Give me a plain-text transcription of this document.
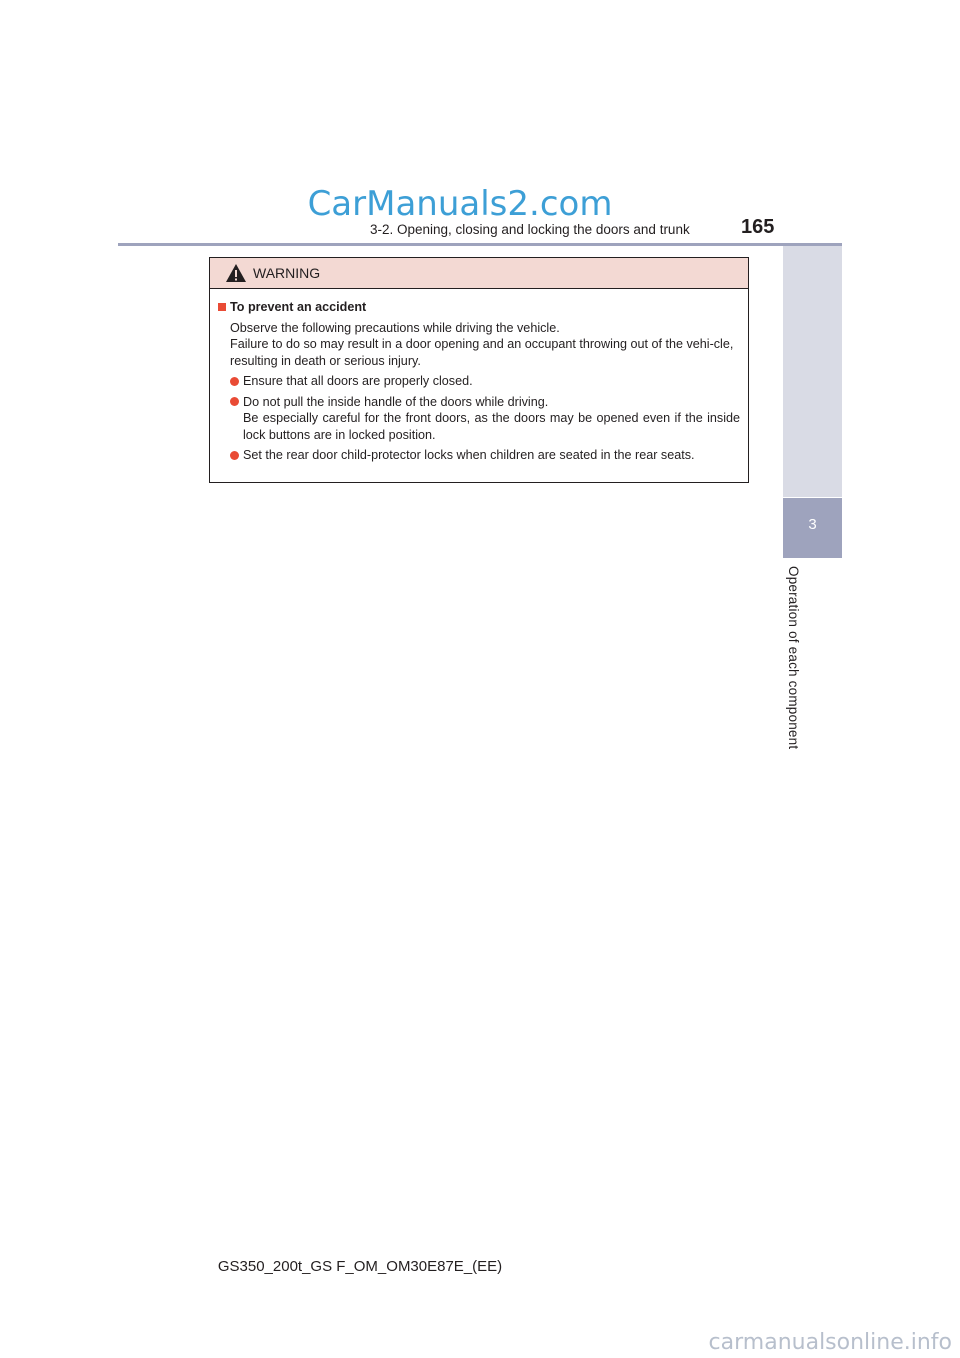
CarManuals2.com
3-2. Opening, closing and locking the doors and trunk	165
3
Operation of each component
WARNING
To prevent an accident
Observe the following precautions while driving the vehicle.
Failure to do so may result in a door opening and an occupant throwing out of the vehi-cle, resulting in death or serious injury.
Ensure that all doors are properly closed.
Do not pull the inside handle of the doors while driving.
Be especially careful for the front doors, as the doors may be opened even if the inside lock buttons are in locked position.
Set the rear door child-protector locks when children are seated in the rear seats.
GS350_200t_GS F_OM_OM30E87E_(EE)
carmanualsonline.info
